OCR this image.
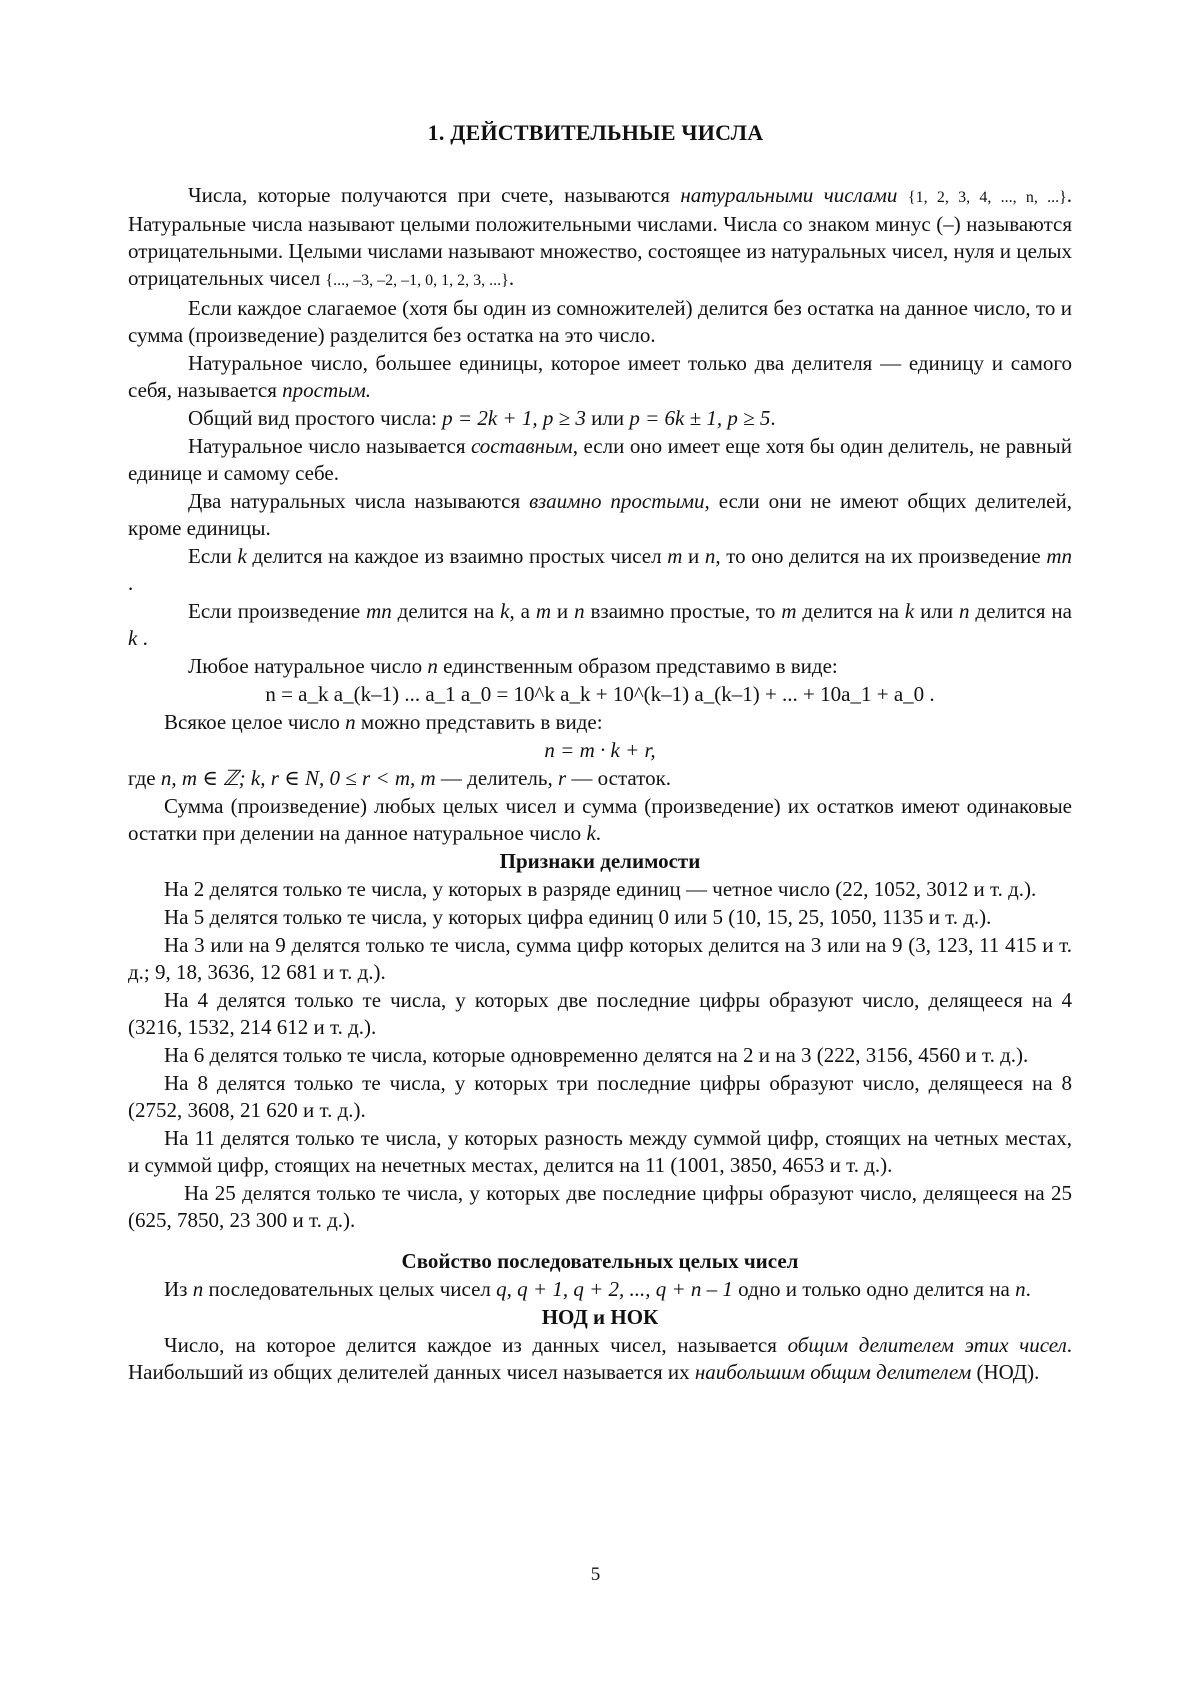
1. ДЕЙСТВИТЕЛЬНЫЕ ЧИСЛА

Числа, которые получаются при счете, называются натуральными числами {1, 2, 3, 4, ..., n, ...}. Натуральные числа называют целыми положительными числами. Числа со знаком минус (–) называются отрицательными. Целыми числами называют множество, состоящее из натуральных чисел, нуля и целых отрицательных чисел {..., –3, –2, –1, 0, 1, 2, 3, ...}.

Если каждое слагаемое (хотя бы один из сомножителей) делится без остатка на данное число, то и сумма (произведение) разделится без остатка на это число.

Натуральное число, большее единицы, которое имеет только два делителя — единицу и самого себя, называется простым.

Общий вид простого числа: p = 2k + 1, p ≥ 3 или p = 6k ± 1, p ≥ 5.

Натуральное число называется составным, если оно имеет еще хотя бы один делитель, не равный единице и самому себе.

Два натуральных числа называются взаимно простыми, если они не имеют общих делителей, кроме единицы.

Если k делится на каждое из взаимно простых чисел m и n, то оно делится на их произведение mn .

Если произведение mn делится на k, а m и n взаимно простые, то m делится на k или n делится на k .

Любое натуральное число n единственным образом представимо в виде:

n = a_k a_(k–1) ... a_1 a_0 = 10^k a_k + 10^(k–1) a_(k–1) + ... + 10a_1 + a_0 .

Всякое целое число n можно представить в виде:

n = m · k + r,

где n, m ∈ ℤ; k, r ∈ N, 0 ≤ r < m, m — делитель, r — остаток.

Сумма (произведение) любых целых чисел и сумма (произведение) их остатков имеют одинаковые остатки при делении на данное натуральное число k.

Признаки делимости

На 2 делятся только те числа, у которых в разряде единиц — четное число (22, 1052, 3012 и т. д.).

На 5 делятся только те числа, у которых цифра единиц 0 или 5 (10, 15, 25, 1050, 1135 и т. д.).

На 3 или на 9 делятся только те числа, сумма цифр которых делится на 3 или на 9 (3, 123, 11 415 и т. д.; 9, 18, 3636, 12 681 и т. д.).

На 4 делятся только те числа, у которых две последние цифры образуют число, делящееся на 4 (3216, 1532, 214 612 и т. д.).

На 6 делятся только те числа, которые одновременно делятся на 2 и на 3 (222, 3156, 4560 и т. д.).

На 8 делятся только те числа, у которых три последние цифры образуют число, делящееся на 8 (2752, 3608, 21 620 и т. д.).

На 11 делятся только те числа, у которых разность между суммой цифр, стоящих на четных местах, и суммой цифр, стоящих на нечетных местах, делится на 11 (1001, 3850, 4653 и т. д.).

На 25 делятся только те числа, у которых две последние цифры образуют число, делящееся на 25 (625, 7850, 23 300 и т. д.).

Свойство последовательных целых чисел

Из n последовательных целых чисел q, q + 1, q + 2, ..., q + n – 1 одно и только одно делится на n.

НОД и НОК

Число, на которое делится каждое из данных чисел, называется общим делителем этих чисел. Наибольший из общих делителей данных чисел называется их наибольшим общим делителем (НОД).

5
